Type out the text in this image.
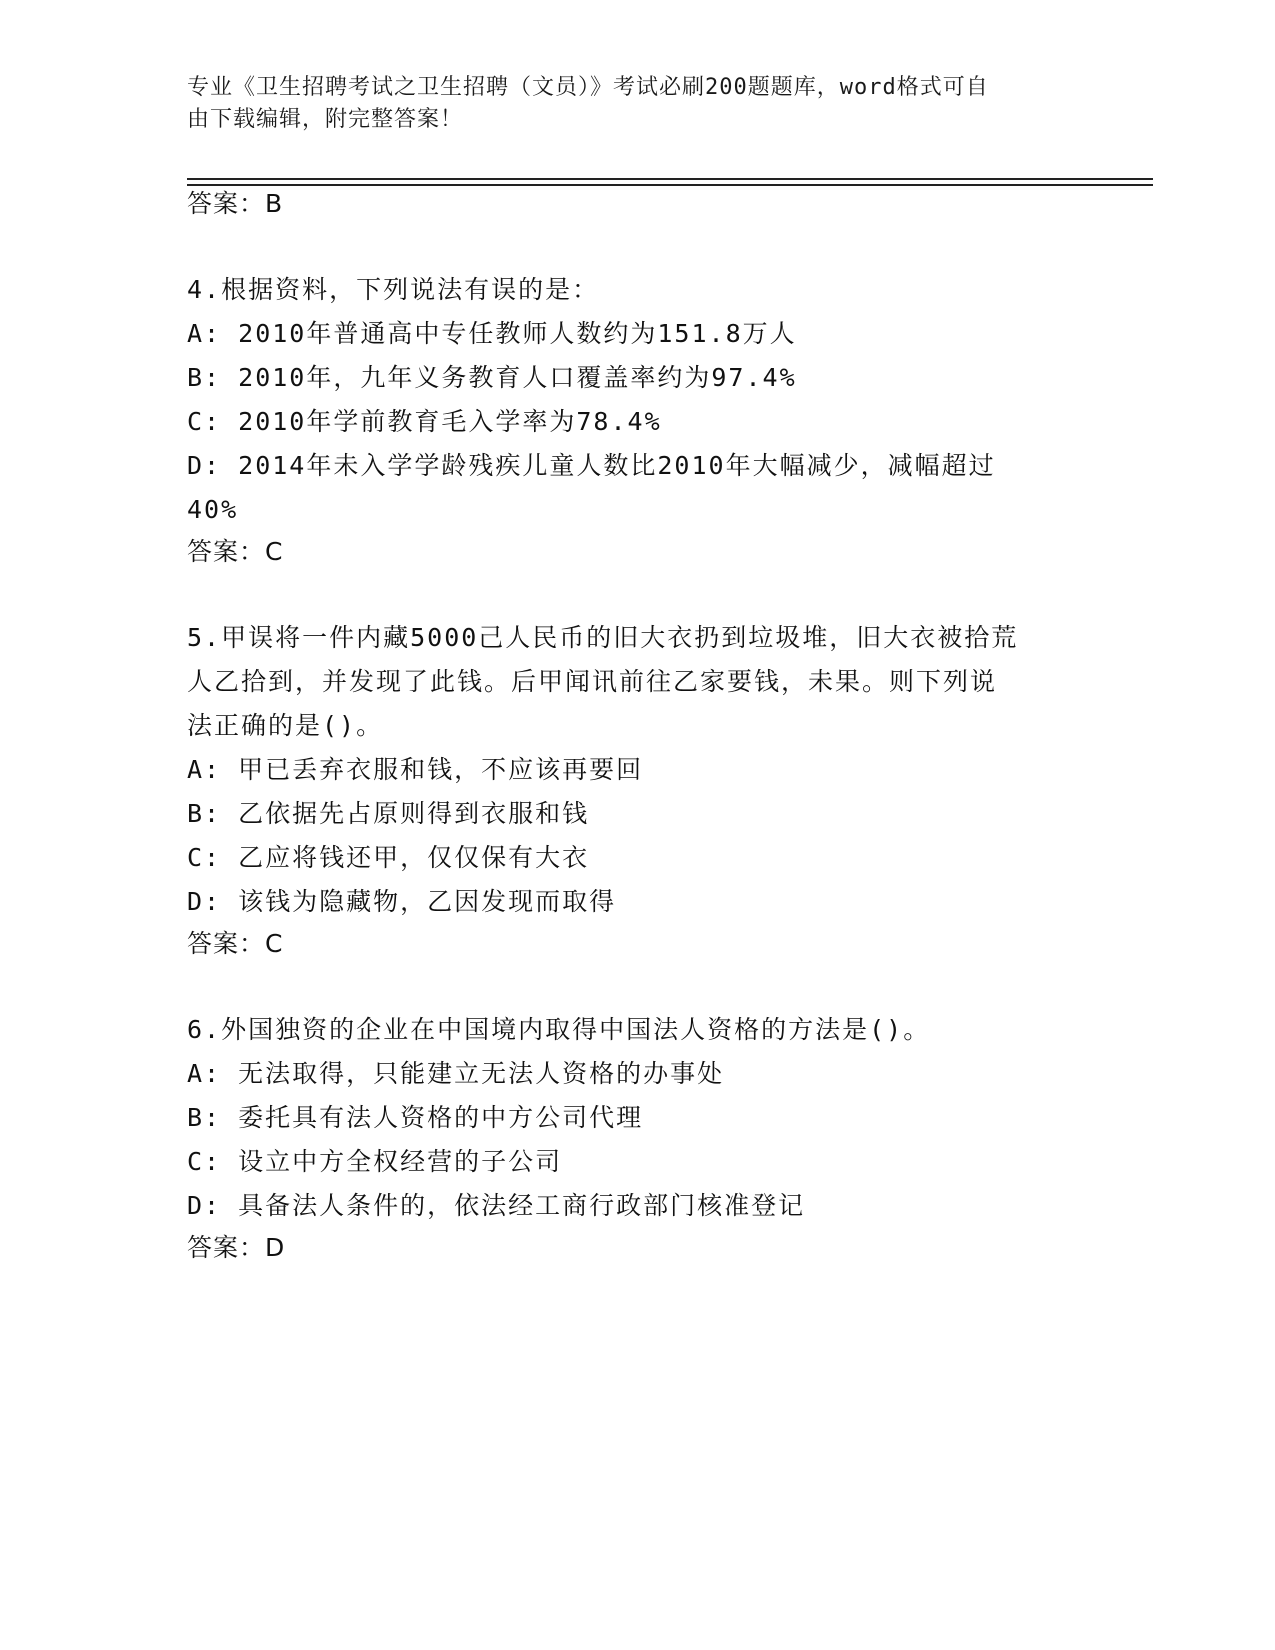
专业《卫生招聘考试之卫生招聘（文员）》考试必刷200题题库，word格式可自
由下载编辑，附完整答案！
答案：B
4.根据资料，下列说法有误的是：
A: 2010年普通高中专任教师人数约为151.8万人
B: 2010年，九年义务教育人口覆盖率约为97.4%
C: 2010年学前教育毛入学率为78.4%
D: 2014年未入学学龄残疾儿童人数比2010年大幅减少，减幅超过
40%
答案：C
5.甲误将一件内藏5000己人民币的旧大衣扔到垃圾堆，旧大衣被拾荒
人乙拾到，并发现了此钱。后甲闻讯前往乙家要钱，未果。则下列说
法正确的是()。
A: 甲已丢弃衣服和钱，不应该再要回
B: 乙依据先占原则得到衣服和钱
C: 乙应将钱还甲，仅仅保有大衣
D: 该钱为隐藏物，乙因发现而取得
答案：C
6.外国独资的企业在中国境内取得中国法人资格的方法是()。
A: 无法取得，只能建立无法人资格的办事处
B: 委托具有法人资格的中方公司代理
C: 设立中方全权经营的子公司
D: 具备法人条件的，依法经工商行政部门核准登记
答案：D
